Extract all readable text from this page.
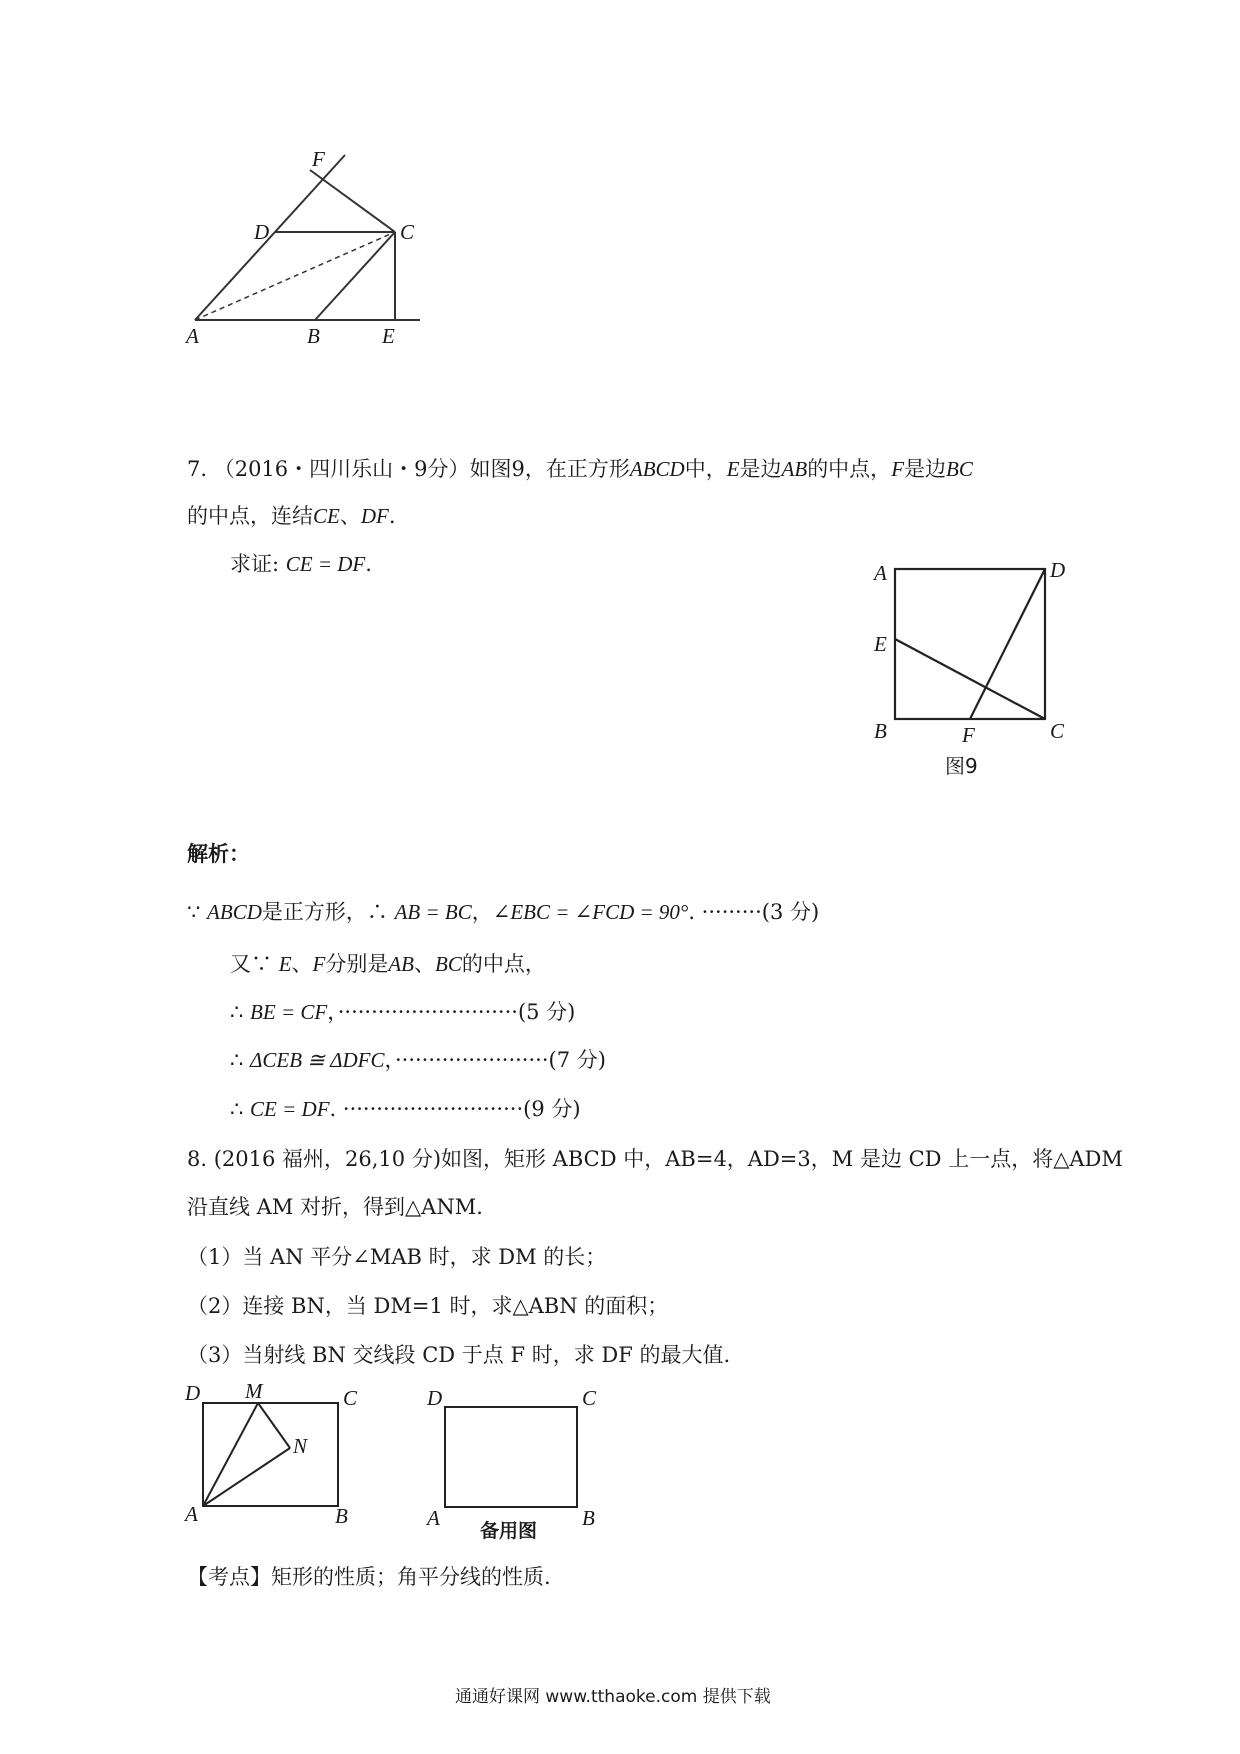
F
D	C
A	B	E
7. （2016・四川乐山・9分）如图9，在正方形ABCD中，E是边AB的中点，F是边BC
的中点，连结CE、DF.
求证: CE = DF.	A	D
E
B	F	C
图9
解析：
∵ ABCD是正方形，∴ AB = BC，∠EBC = ∠FCD = 90°. ·········(3 分)
又∵ E、F分别是AB、BC的中点，
∴ BE = CF，···························(5 分)
∴ ΔCEB ≅ ΔDFC，·······················(7 分)
∴ CE = DF. ···························(9 分)
8. (2016 福州，26,10 分)如图，矩形 ABCD 中，AB=4，AD=3，M 是边 CD 上一点，将△ADM
沿直线 AM 对折，得到△ANM.
（1）当 AN 平分∠MAB 时，求 DM 的长；
（2）连接 BN，当 DM=1 时，求△ABN 的面积；
（3）当射线 BN 交线段 CD 于点 F 时，求 DF 的最大值.
D M	C
N
A	B
D	C
A	B
备用图
【考点】矩形的性质；角平分线的性质.
通通好课网 www.tthaoke.com 提供下载
